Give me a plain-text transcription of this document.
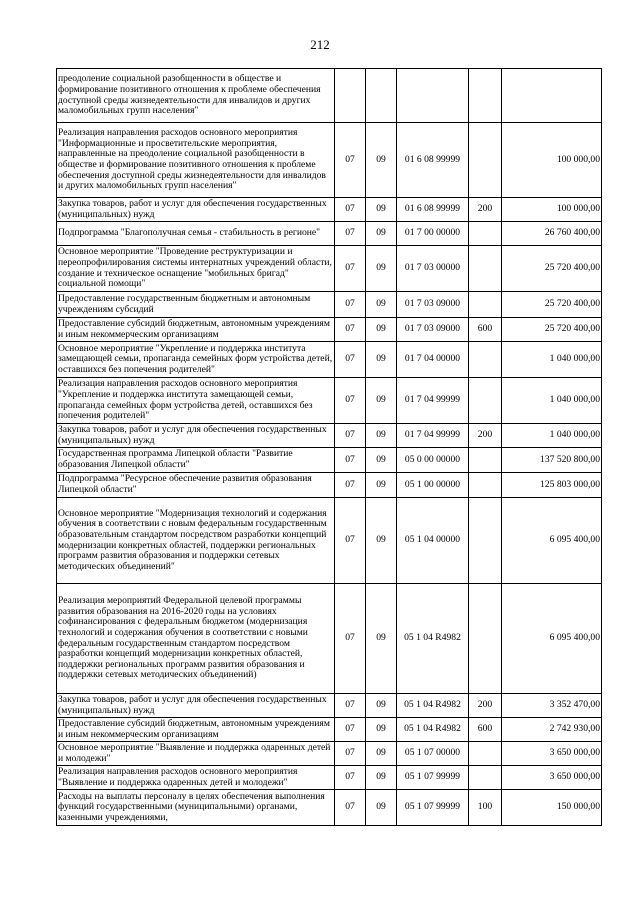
212
преодоление социальной разобщенности в обществе и формирование позитивного отношения к проблеме обеспечения доступной среды жизнедеятельности для инвалидов и других маломобильных групп населения"					
Реализация направления расходов основного мероприятия "Информационные и просветительские мероприятия, направленные на преодоление социальной разобщенности в обществе и формирование позитивного отношения к проблеме обеспечения доступной среды жизнедеятельности для инвалидов и других маломобильных групп населения"	07	09	01 6 08 99999		100 000,00
Закупка товаров, работ и услуг для обеспечения государственных (муниципальных) нужд	07	09	01 6 08 99999	200	100 000,00
Подпрограмма "Благополучная семья - стабильность в регионе"	07	09	01 7 00 00000		26 760 400,00
Основное мероприятие "Проведение реструктуризации и переопрофилирования системы интернатных учреждений области, создание и техническое оснащение "мобильных бригад" социальной помощи"	07	09	01 7 03 00000		25 720 400,00
Предоставление государственным бюджетным и автономным учреждениям субсидий	07	09	01 7 03 09000		25 720 400,00
Предоставление субсидий бюджетным, автономным учреждениям и иным некоммерческим организациям	07	09	01 7 03 09000	600	25 720 400,00
Основное мероприятие "Укрепление и поддержка института замещающей семьи, пропаганда семейных форм устройства детей, оставшихся без попечения родителей"	07	09	01 7 04 00000		1 040 000,00
Реализация направления расходов основного мероприятия "Укрепление и поддержка института замещающей семьи, пропаганда семейных форм устройства детей, оставшихся без попечения родителей"	07	09	01 7 04 99999		1 040 000,00
Закупка товаров, работ и услуг для обеспечения государственных (муниципальных) нужд	07	09	01 7 04 99999	200	1 040 000,00
Государственная программа Липецкой области "Развитие образования Липецкой области"	07	09	05 0 00 00000		137 520 800,00
Подпрограмма "Ресурсное обеспечение развития образования Липецкой области"	07	09	05 1 00 00000		125 803 000,00
Основное мероприятие "Модернизация технологий и содержания обучения в соответствии с новым федеральным государственным образовательным стандартом посредством разработки концепций модернизации конкретных областей, поддержки региональных программ развития образования и поддержки сетевых методических объединений"	07	09	05 1 04 00000		6 095 400,00
Реализация мероприятий Федеральной целевой программы развития образования на 2016-2020 годы на условиях софинансирования с федеральным бюджетом (модернизация технологий и содержания обучения в соответствии с новыми федеральным государственным стандартом посредством разработки концепций модернизации конкретных областей, поддержки региональных программ развития образования и поддержки сетевых методических объединений)	07	09	05 1 04 R4982		6 095 400,00
Закупка товаров, работ и услуг для обеспечения государственных (муниципальных) нужд	07	09	05 1 04 R4982	200	3 352 470,00
Предоставление субсидий бюджетным, автономным учреждениям и иным некоммерческим организациям	07	09	05 1 04 R4982	600	2 742 930,00
Основное мероприятие "Выявление и поддержка одаренных детей и молодежи"	07	09	05 1 07 00000		3 650 000,00
Реализация направления расходов основного мероприятия "Выявление и поддержка одаренных детей и молодежи"	07	09	05 1 07 99999		3 650 000,00
Расходы на выплаты персоналу в целях обеспечения выполнения функций государственными (муниципальными) органами, казенными учреждениями,	07	09	05 1 07 99999	100	150 000,00
